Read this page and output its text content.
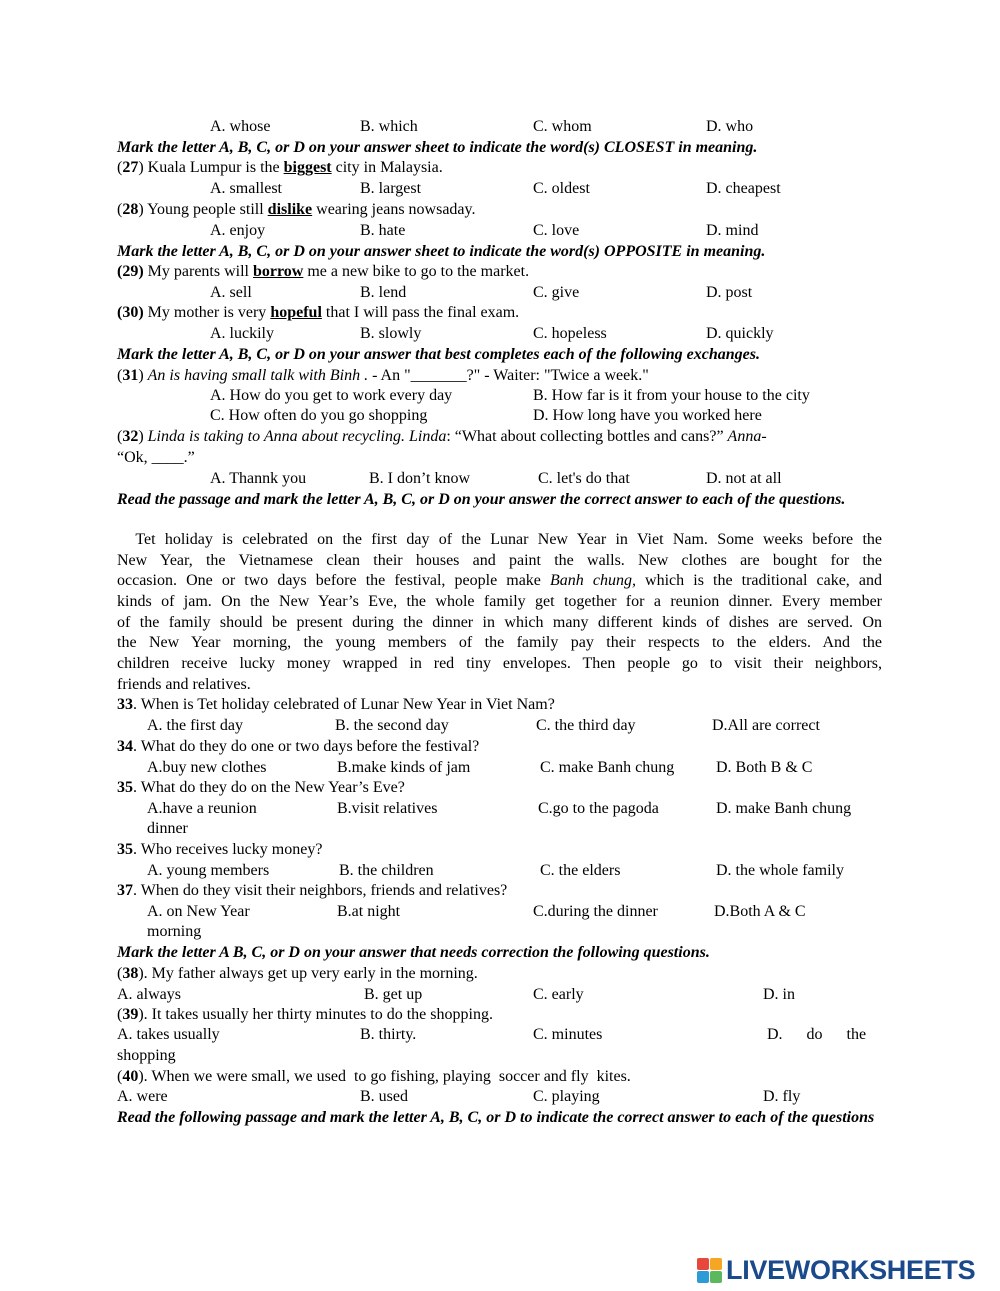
A. whose	B. which	C. whom	D. who
Mark the letter A, B, C, or D on your answer sheet to indicate the word(s) CLOSEST in meaning.
(27) Kuala Lumpur is the biggest city in Malaysia.
A. smallest	B. largest	C. oldest	D. cheapest
(28) Young people still dislike wearing jeans nowsaday.
A. enjoy	B. hate	C. love	D. mind
Mark the letter A, B, C, or D on your answer sheet to indicate the word(s) OPPOSITE in meaning.
(29) My parents will borrow me a new bike to go to the market.
A. sell	B. lend	C. give	D. post
(30) My mother is very hopeful that I will pass the final exam.
A. luckily	B. slowly	C. hopeless	D. quickly
Mark the letter A, B, C, or D on your answer that best completes each of the following exchanges.
(31) An is having small talk with Binh . - An "_______?" - Waiter: "Twice a week."
A. How do you get to work every day	B. How far is it from your house to the city
C. How often do you go shopping	D. How long have you worked here
(32) Linda is taking to Anna about recycling. Linda: “What about collecting bottles and cans?” Anna-
“Ok, ____.”
A. Thannk you	B. I don’t know	C. let's do that	D. not at all
Read the passage and mark the letter A, B, C, or D on your answer the correct answer to each of the questions.
Tet holiday is celebrated on the first day of the Lunar New Year in Viet Nam. Some weeks before the
New Year, the Vietnamese clean their houses and paint the walls. New clothes are bought for the
occasion. One or two days before the festival, people make Banh chung, which is the traditional cake, and
kinds of jam. On the New Year’s Eve, the whole family get together for a reunion dinner. Every member
of the family should be present during the dinner in which many different kinds of dishes are served. On
the New Year morning, the young members of the family pay their respects to the elders. And the
children receive lucky money wrapped in red tiny envelopes. Then people go to visit their neighbors,
friends and relatives.
33. When is Tet holiday celebrated of Lunar New Year in Viet Nam?
A. the first day	B. the second day	C. the third day	D.All are correct
34. What do they do one or two days before the festival?
A.buy new clothes	B.make kinds of jam	C. make Banh chung	D. Both B & C
35. What do they do on the New Year’s Eve?
A.have a reunion
dinner
B.visit relatives	C.go to the pagoda	D. make Banh chung
35. Who receives lucky money?
A. young members	B. the children	C. the elders	D. the whole family
37. When do they visit their neighbors, friends and relatives?
A. on New Year
morning
B.at night	C.during the dinner	D.Both A & C
Mark the letter A B, C, or D on your answer that needs correction the following questions.
(38). My father always get up very early in the morning.
A. always	B. get up	C. early	D. in
(39). It takes usually her thirty minutes to do the shopping.
A. takes usually	B. thirty.	C. minutes	D.      do      the
shopping
(40). When we were small, we used  to go fishing, playing  soccer and fly  kites.
A. were	B. used	C. playing	D. fly
Read the following passage and mark the letter A, B, C, or D to indicate the correct answer to each of the questions
LIVEWORKSHEETS
